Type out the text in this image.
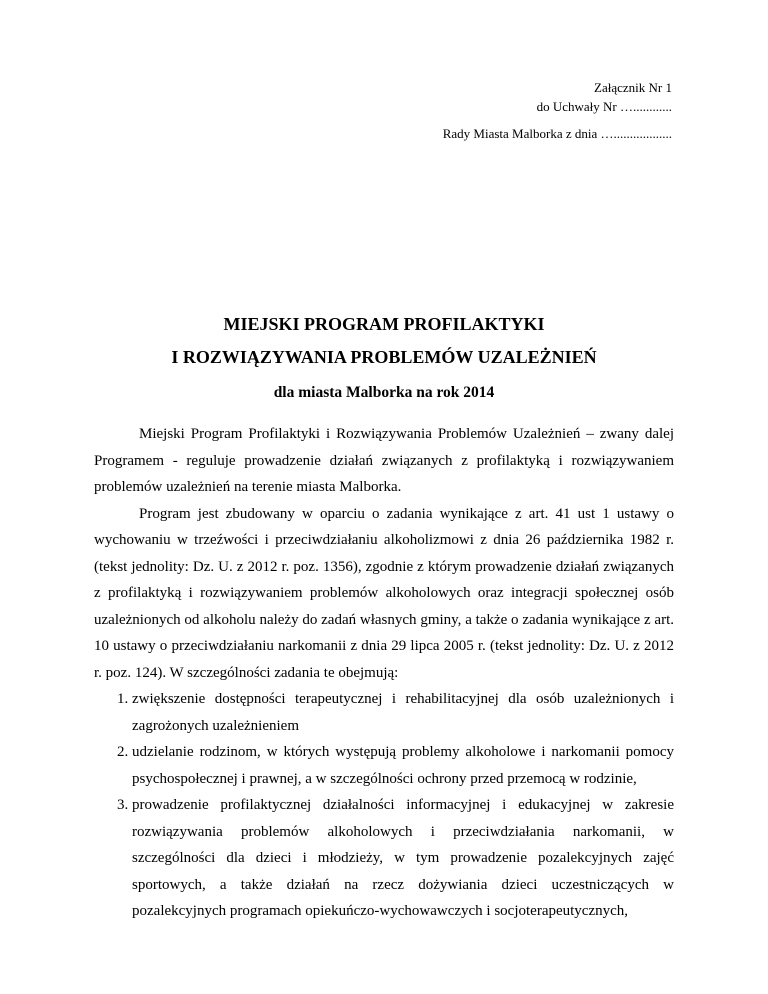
Załącznik Nr 1
do Uchwały Nr …............
Rady Miasta Malborka z dnia …..................
MIEJSKI PROGRAM PROFILAKTYKI
I ROZWIĄZYWANIA PROBLEMÓW UZALEŻNIEŃ
dla miasta Malborka na rok 2014

Miejski Program Profilaktyki i Rozwiązywania Problemów Uzależnień – zwany dalej Programem - reguluje prowadzenie działań związanych z profilaktyką i rozwiązywaniem problemów uzależnień na terenie miasta Malborka.

Program jest zbudowany w oparciu o zadania wynikające z art. 41 ust 1 ustawy o wychowaniu w trzeźwości i przeciwdziałaniu alkoholizmowi z dnia 26 października 1982 r. (tekst jednolity: Dz. U. z 2012 r. poz. 1356), zgodnie z którym prowadzenie działań związanych z profilaktyką i rozwiązywaniem problemów alkoholowych oraz integracji społecznej osób uzależnionych od alkoholu należy do zadań własnych gminy, a także o zadania wynikające z art. 10 ustawy o przeciwdziałaniu narkomanii z dnia 29 lipca 2005 r. (tekst jednolity: Dz. U. z 2012 r. poz. 124). W szczególności zadania te obejmują:

1. zwiększenie dostępności terapeutycznej i rehabilitacyjnej dla osób uzależnionych i zagrożonych uzależnieniem
2. udzielanie rodzinom, w których występują problemy alkoholowe i narkomanii pomocy psychospołecznej i prawnej, a w szczególności ochrony przed przemocą w rodzinie,
3. prowadzenie profilaktycznej działalności informacyjnej i edukacyjnej w zakresie rozwiązywania problemów alkoholowych i przeciwdziałania narkomanii, w szczególności dla dzieci i młodzieży, w tym prowadzenie pozalekcyjnych zajęć sportowych, a także działań na rzecz dożywiania dzieci uczestniczących w pozalekcyjnych programach opiekuńczo-wychowawczych i socjoterapeutycznych,
